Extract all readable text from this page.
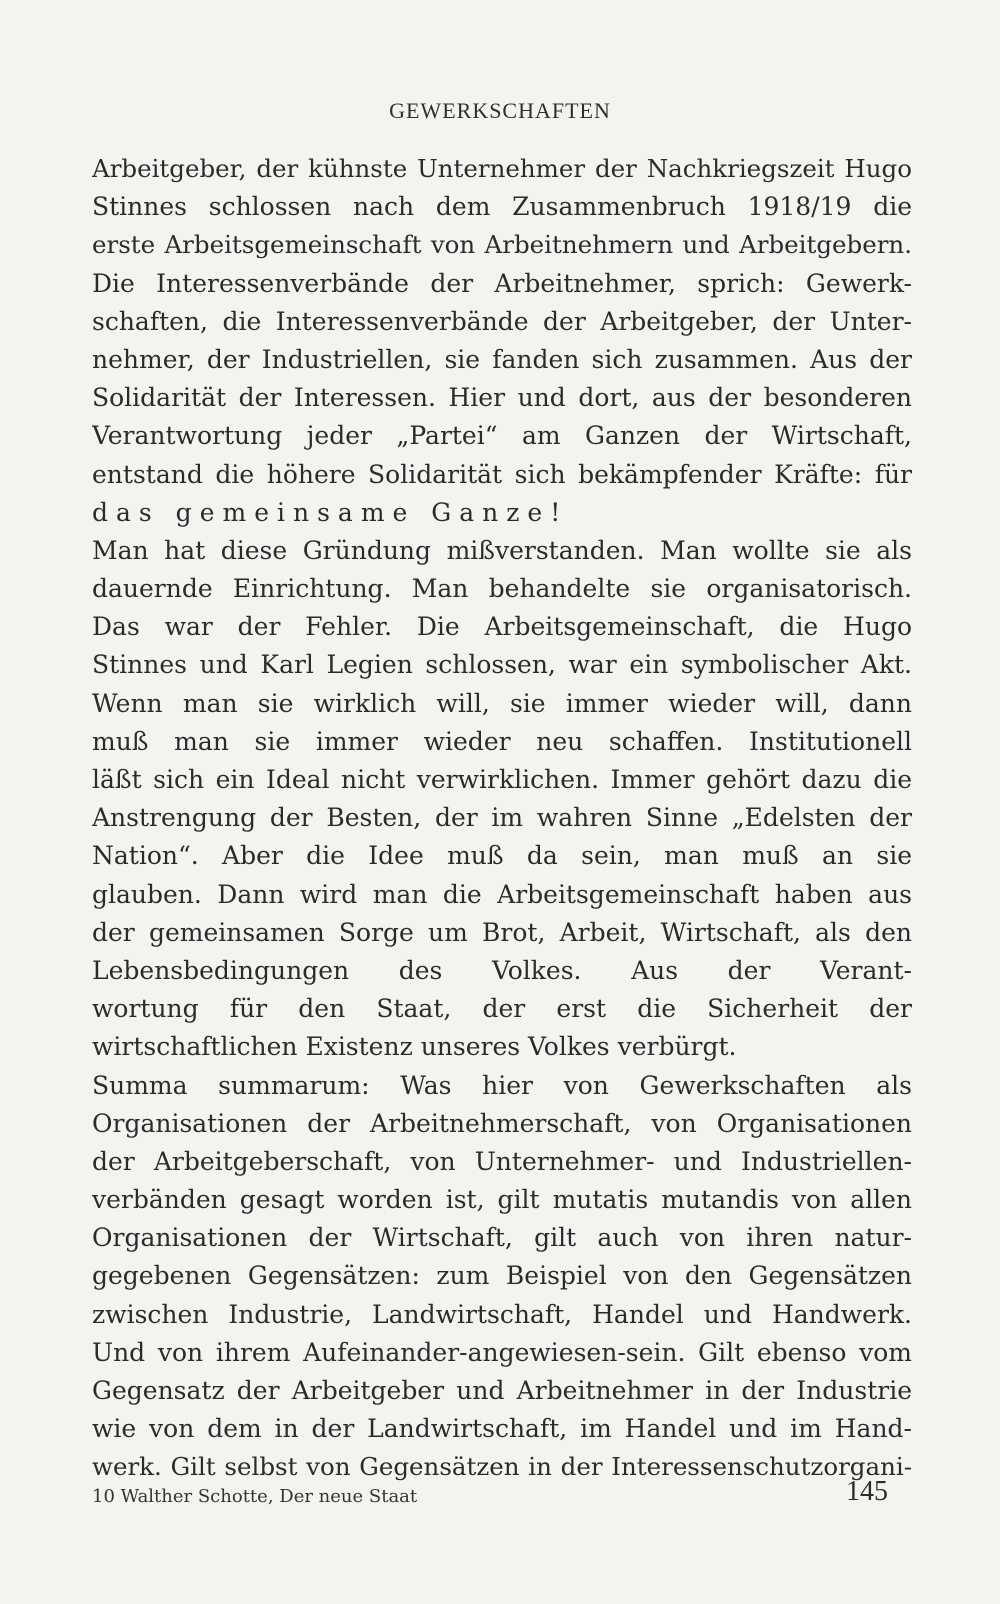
GEWERKSCHAFTEN
Arbeitgeber, der kühnste Unternehmer der Nachkriegszeit Hugo
Stinnes schlossen nach dem Zusammenbruch 1918/19 die
erste Arbeitsgemeinschaft von Arbeitnehmern und Arbeitgebern.
Die Interessenverbände der Arbeitnehmer, sprich: Gewerk-
schaften, die Interessenverbände der Arbeitgeber, der Unter-
nehmer, der Industriellen, sie fanden sich zusammen. Aus der
Solidarität der Interessen. Hier und dort, aus der besonderen
Verantwortung jeder „Partei“ am Ganzen der Wirtschaft,
entstand die höhere Solidarität sich bekämpfender Kräfte: für
das gemeinsame Ganze!
Man hat diese Gründung mißverstanden. Man wollte sie als
dauernde Einrichtung. Man behandelte sie organisatorisch.
Das war der Fehler. Die Arbeitsgemeinschaft, die Hugo
Stinnes und Karl Legien schlossen, war ein symbolischer Akt.
Wenn man sie wirklich will, sie immer wieder will, dann
muß man sie immer wieder neu schaffen. Institutionell
läßt sich ein Ideal nicht verwirklichen. Immer gehört dazu die
Anstrengung der Besten, der im wahren Sinne „Edelsten der
Nation“. Aber die Idee muß da sein, man muß an sie
glauben. Dann wird man die Arbeitsgemeinschaft haben aus
der gemeinsamen Sorge um Brot, Arbeit, Wirtschaft, als den
Lebensbedingungen des Volkes. Aus der Verant-
wortung für den Staat, der erst die Sicherheit der
wirtschaftlichen Existenz unseres Volkes verbürgt.
Summa summarum: Was hier von Gewerkschaften als
Organisationen der Arbeitnehmerschaft, von Organisationen
der Arbeitgeberschaft, von Unternehmer- und Industriellen-
verbänden gesagt worden ist, gilt mutatis mutandis von allen
Organisationen der Wirtschaft, gilt auch von ihren natur-
gegebenen Gegensätzen: zum Beispiel von den Gegensätzen
zwischen Industrie, Landwirtschaft, Handel und Handwerk.
Und von ihrem Aufeinander-angewiesen-sein. Gilt ebenso vom
Gegensatz der Arbeitgeber und Arbeitnehmer in der Industrie
wie von dem in der Landwirtschaft, im Handel und im Hand-
werk. Gilt selbst von Gegensätzen in der Interessenschutzorgani-
10 Walther Schotte, Der neue Staat	145
